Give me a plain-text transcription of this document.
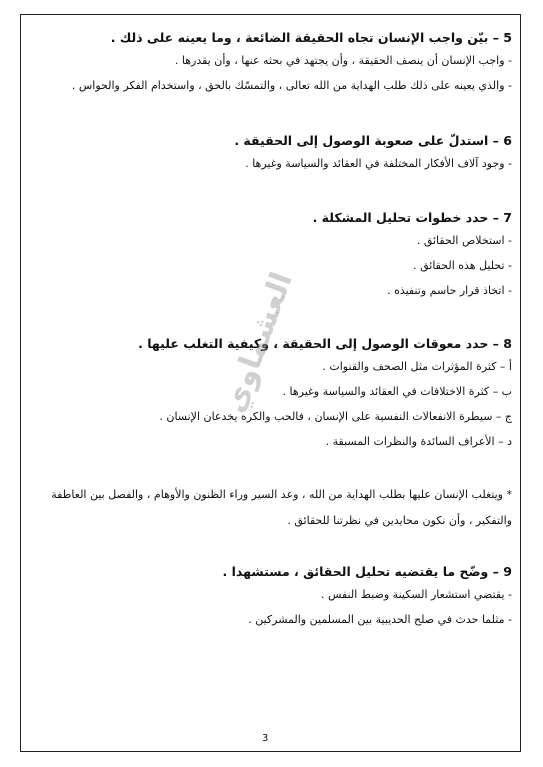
5 – بيّن واجب الإنسان تجاه الحقيقة الضائعة ، وما يعينه على ذلك .

- واجب الإنسان أن ينصف الحقيقة ، وأن يجتهد في بحثه عنها ، وأن يقدرها .

- والذي يعينه على ذلك طلب الهداية من الله تعالى ، والتمسّك بالحق ، واستخدام الفكر والحواس .

6 – استدلّ على صعوبة الوصول إلى الحقيقة .

- وجود آلاف الأفكار المختلفة في العقائد والسياسة وغيرها .

7 – حدد خطوات تحليل المشكلة .

- استخلاص الحقائق .

- تحليل هذه الحقائق .

- اتخاذ قرار حاسم وتنفيذه .

8 – حدد معوقات الوصول إلى الحقيقة ، وكيفية التغلب عليها .

أ – كثرة المؤثرات مثل الصحف والقنوات .

ب – كثرة الاختلافات في العقائد والسياسة وغيرها .

ج – سيطرة الانفعالات النفسية على الإنسان ، فالحب والكره يخدعان الإنسان .

د – الأعراف السائدة والنظرات المسبقة .

* ويتغلب الإنسان عليها بطلب الهداية من الله ، وعد السير وراء الظنون والأوهام ، والفصل بين العاطفة والتفكير ، وأن نكون محايدين في نظرتنا للحقائق .

9 – وضّح ما يقتضيه تحليل الحقائق ، مستشهدا .

- يقتضي استشعار السكينة وضبط النفس .

- مثلما حدث في صلح الحديبية بين المسلمين والمشركين .

العشماوي
3
